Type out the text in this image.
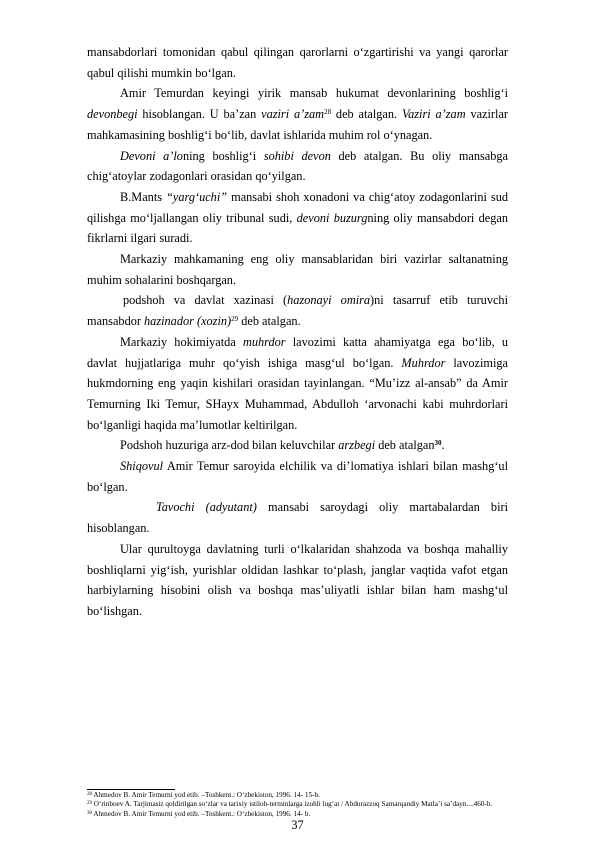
mansabdorlari tomonidan qabul qilingan qarorlarni o‘zgartirishi va yangi qarorlar qabul qilishi mumkin bo‘lgan.

Amir Temurdan keyingi yirik mansab hukumat devonlarining boshlig‘i devonbegi hisoblangan. U ba’zan vaziri a’zam$^{28}$ deb atalgan. Vaziri a’zam vazirlar mahkamasining boshlig‘i bo‘lib, davlat ishlarida muhim rol o‘ynagan.

Devoni a’loning boshlig‘i sohibi devon deb atalgan. Bu oliy mansabga chig‘atoylar zodagonlari orasidan qo‘yilgan.

B.Mants “yarg‘uchi” mansabi shoh xonadoni va chig‘atoy zodagonlarini sud qilishga mo‘ljallangan oliy tribunal sudi, devoni buzurgning oliy mansabdori degan fikrlarni ilgari suradi.

Markaziy mahkamaning eng oliy mansablaridan biri vazirlar saltanatning muhim sohalarini boshqargan.

podshoh va davlat xazinasi (hazonayi omira)ni tasarruf etib turuvchi mansabdor hazinador (xozin)$^{29}$ deb atalgan.

Markaziy hokimiyatda muhrdor lavozimi katta ahamiyatga ega bo‘lib, u davlat hujjatlariga muhr qo‘yish ishiga masg‘ul bo‘lgan. Muhrdor lavozimiga hukmdorning eng yaqin kishilari orasidan tayinlangan. “Mu’izz al-ansab” da Amir Temurning Iki Temur, SHayx Muhammad, Abdulloh ‘arvonachi kabi muhrdorlari bo‘lganligi haqida ma’lumotlar keltirilgan.

Podshoh huzuriga arz-dod bilan keluvchilar arzbegi deb atalgan$^{30}$.

Shiqovul Amir Temur saroyida elchilik va di’lomatiya ishlari bilan mashg‘ul bo‘lgan.

Tavochi (adyutant) mansabi saroydagi oliy martabalardan biri hisoblangan.

Ular qurultoyga davlatning turli o‘lkalaridan shahzoda va boshqa mahalliy boshliqlarni yig‘ish, yurishlar oldidan lashkar to‘plash, janglar vaqtida vafot etgan harbiylarning hisobini olish va boshqa mas’uliyatli ishlar bilan ham mashg‘ul bo‘lishgan.

$^{28}$ Ahmedov B. Amir Temurni yod etib. –Toshkent.: O‘zbekiston, 1996. 14- 15-b.

$^{29}$ O‘rinboev A. Tarjimasiz qoldirilgan so‘zlar va tarixiy istiloh-terminlarga izohli lug‘at / Abdurazzoq Samarqandiy Matla’i sa’dayn....460-b.

$^{30}$ Ahmedov B. Amir Temurni yod etib. –Toshkent.: O‘zbekiston, 1996. 14- b.

37
